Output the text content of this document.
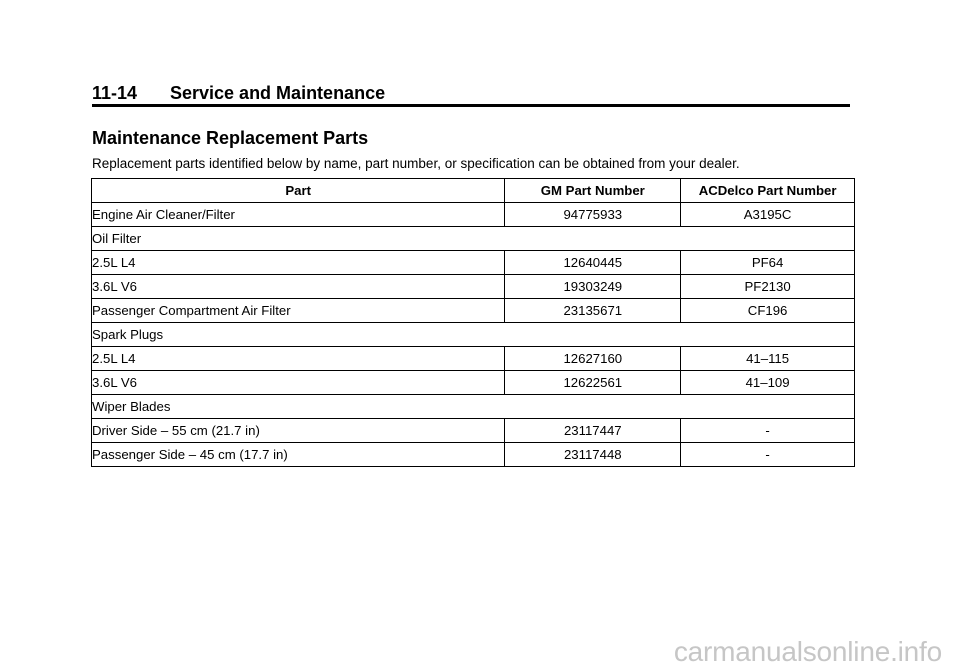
11-14 Service and Maintenance
Maintenance Replacement Parts
Replacement parts identified below by name, part number, or specification can be obtained from your dealer.
Part	GM Part Number	ACDelco Part Number
Engine Air Cleaner/Filter	94775933	A3195C
Oil Filter		
2.5L L4	12640445	PF64
3.6L V6	19303249	PF2130
Passenger Compartment Air Filter	23135671	CF196
Spark Plugs		
2.5L L4	12627160	41–115
3.6L V6	12622561	41–109
Wiper Blades		
Driver Side – 55 cm (21.7 in)	23117447	-
Passenger Side – 45 cm (17.7 in)	23117448	-
carmanualsonline.info
